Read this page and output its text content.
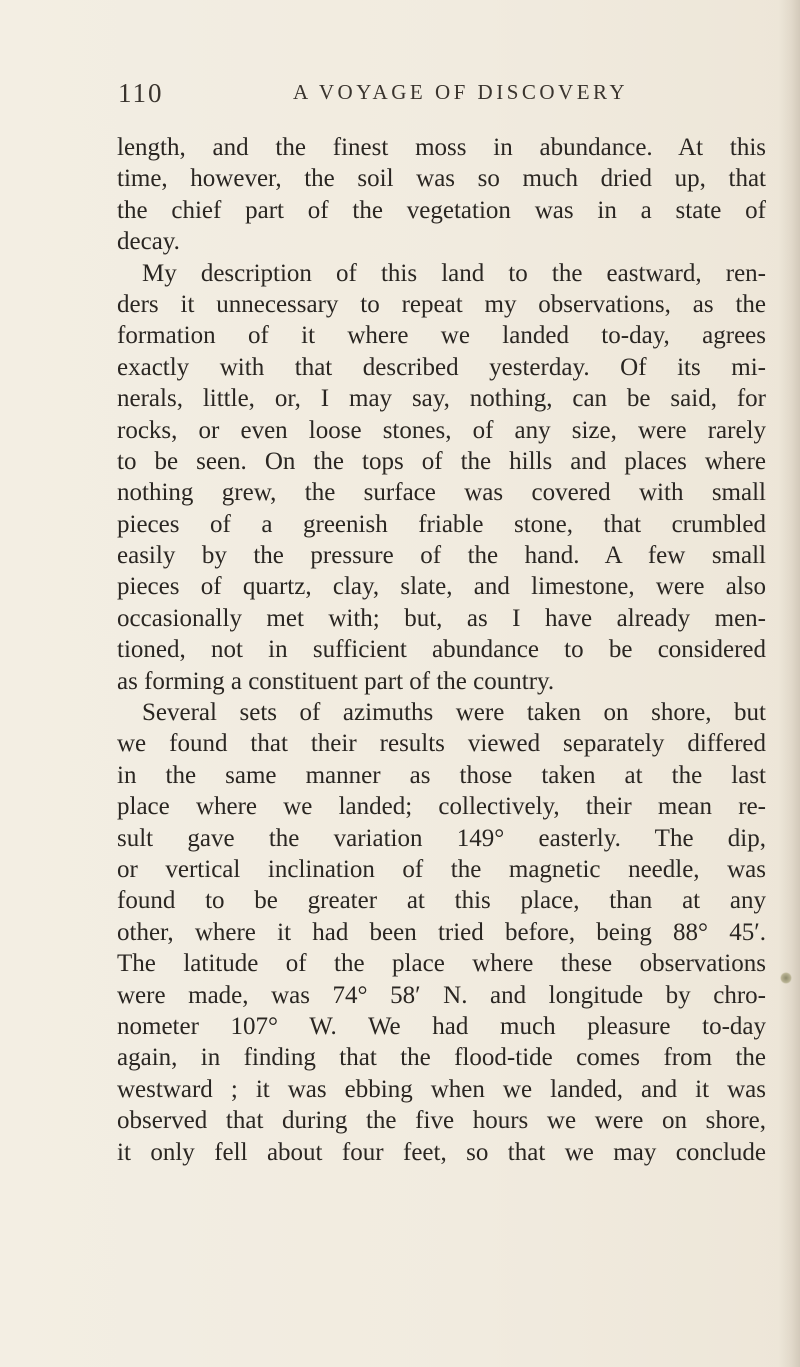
110	A VOYAGE OF DISCOVERY
length, and the finest moss in abundance. At this
time, however, the soil was so much dried up, that
the chief part of the vegetation was in a state of
decay.
My description of this land to the eastward, ren-
ders it unnecessary to repeat my observations, as the
formation of it where we landed to-day, agrees
exactly with that described yesterday. Of its mi-
nerals, little, or, I may say, nothing, can be said, for
rocks, or even loose stones, of any size, were rarely
to be seen. On the tops of the hills and places where
nothing grew, the surface was covered with small
pieces of a greenish friable stone, that crumbled
easily by the pressure of the hand. A few small
pieces of quartz, clay, slate, and limestone, were also
occasionally met with; but, as I have already men-
tioned, not in sufficient abundance to be considered
as forming a constituent part of the country.
Several sets of azimuths were taken on shore, but
we found that their results viewed separately differed
in the same manner as those taken at the last
place where we landed; collectively, their mean re-
sult gave the variation 149° easterly. The dip,
or vertical inclination of the magnetic needle, was
found to be greater at this place, than at any
other, where it had been tried before, being 88° 45′.
The latitude of the place where these observations
were made, was 74° 58′ N. and longitude by chro-
nometer 107° W. We had much pleasure to-day
again, in finding that the flood-tide comes from the
westward ; it was ebbing when we landed, and it was
observed that during the five hours we were on shore,
it only fell about four feet, so that we may conclude
